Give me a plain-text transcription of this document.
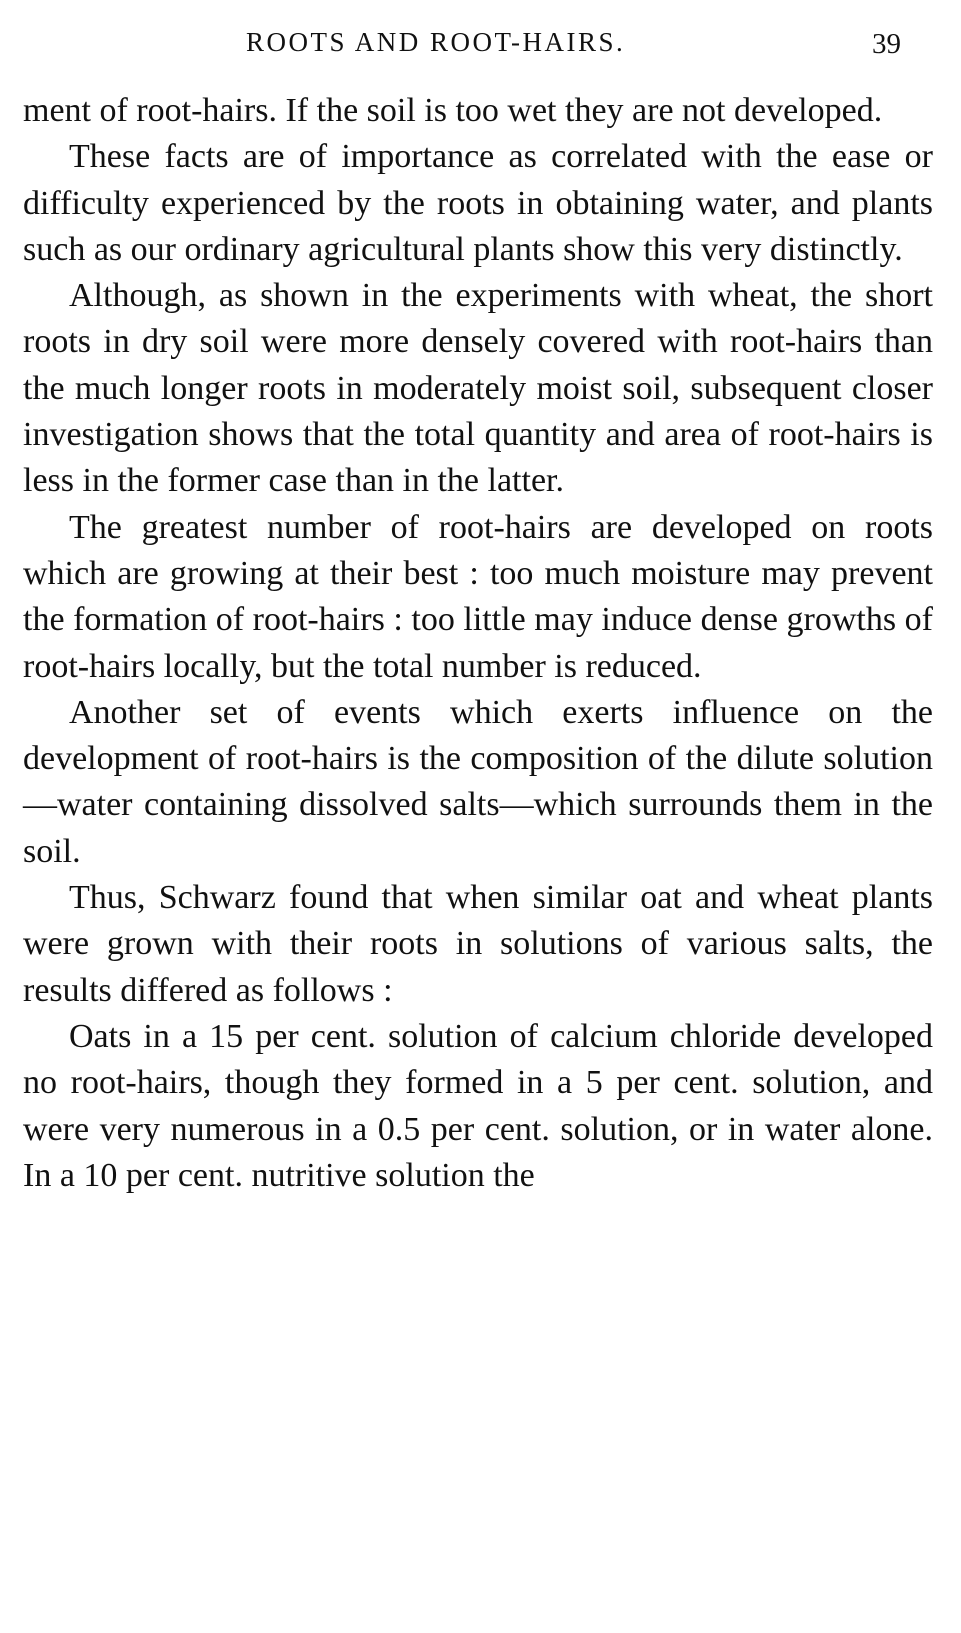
ROOTS AND ROOT-HAIRS.	39

ment of root-hairs. If the soil is too wet they are not developed.

These facts are of importance as correlated with the ease or difficulty experienced by the roots in obtaining water, and plants such as our ordinary agricultural plants show this very distinctly.

Although, as shown in the experiments with wheat, the short roots in dry soil were more densely covered with root-hairs than the much longer roots in moderately moist soil, subsequent closer investigation shows that the total quantity and area of root-hairs is less in the former case than in the latter.

The greatest number of root-hairs are developed on roots which are growing at their best : too much moisture may prevent the formation of root-hairs : too little may induce dense growths of root-hairs locally, but the total number is reduced.

Another set of events which exerts influence on the development of root-hairs is the composition of the dilute solution—water containing dissolved salts—which surrounds them in the soil.

Thus, Schwarz found that when similar oat and wheat plants were grown with their roots in solutions of various salts, the results differed as follows :

Oats in a 15 per cent. solution of calcium chloride developed no root-hairs, though they formed in a 5 per cent. solution, and were very numerous in a 0.5 per cent. solution, or in water alone. In a 10 per cent. nutritive solution the
